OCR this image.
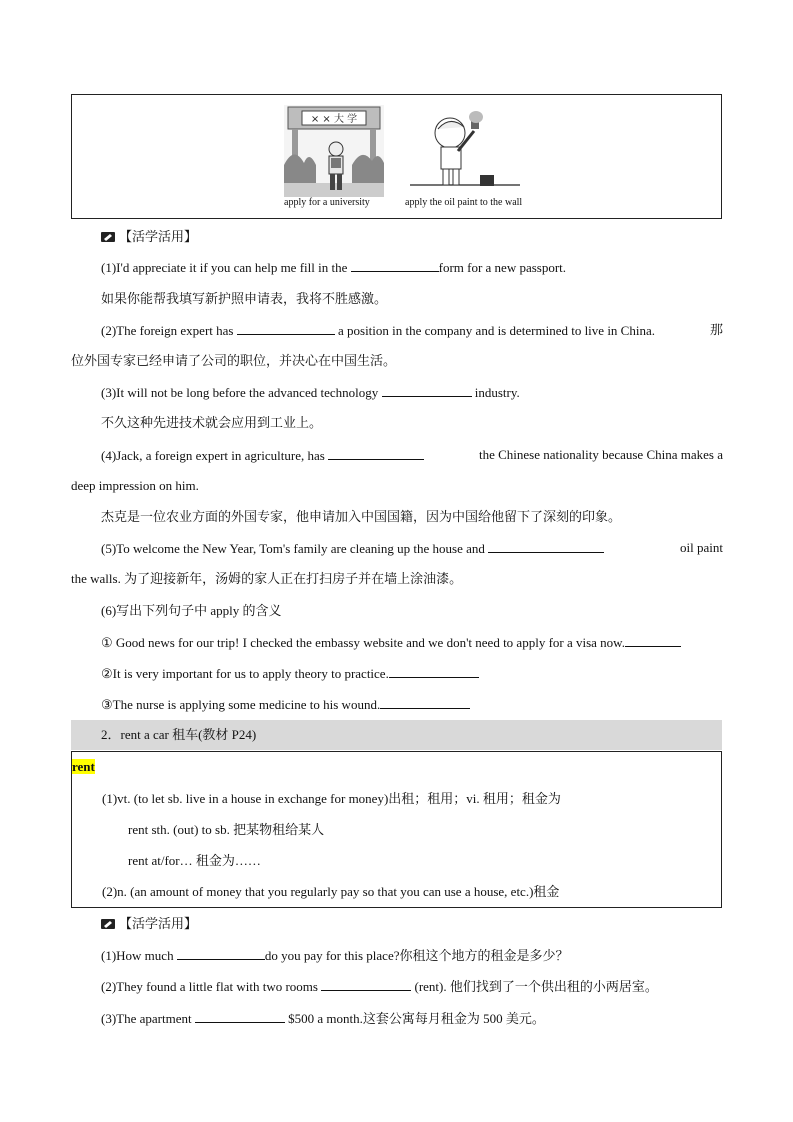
× × 大 学
apply for a university	apply the oil paint to the wall
【活学活用】
(1)I'd appreciate it if you can help me fill in the	form for a new passport.
如果你能帮我填写新护照申请表，我将不胜感激。
(2)The foreign expert has	a position in the company and is determined to live in China.	那
位外国专家已经申请了公司的职位，并决心在中国生活。
(3)It will not be long before the advanced technology	industry.
不久这种先进技术就会应用到工业上。
(4)Jack, a foreign expert in agriculture, has	the Chinese nationality because China makes a
deep impression on him.
杰克是一位农业方面的外国专家，他申请加入中国国籍，因为中国给他留下了深刻的印象。
(5)To welcome the New Year, Tom's family are cleaning up the house and	oil paint
the walls. 为了迎接新年，汤姆的家人正在打扫房子并在墙上涂油漆。
(6)写出下列句子中 apply 的含义
① Good news for our trip! I checked the embassy website and we don't need to apply for a visa now.
②It is very important for us to apply theory to practice.
③The nurse is applying some medicine to his wound.
2．rent a car 租车(教材 P24)
rent
(1)vt. (to let sb. live in a house in exchange for money)出租；租用；vi. 租用；租金为
rent sth. (out) to sb. 把某物租给某人
rent at/for… 租金为……
(2)n. (an amount of money that you regularly pay so that you can use a house, etc.)租金
【活学活用】
(1)How much	do you pay for this place?你租这个地方的租金是多少？
(2)They found a little flat with two rooms	(rent). 他们找到了一个供出租的小两居室。
(3)The apartment	$500 a month.这套公寓每月租金为 500 美元。
